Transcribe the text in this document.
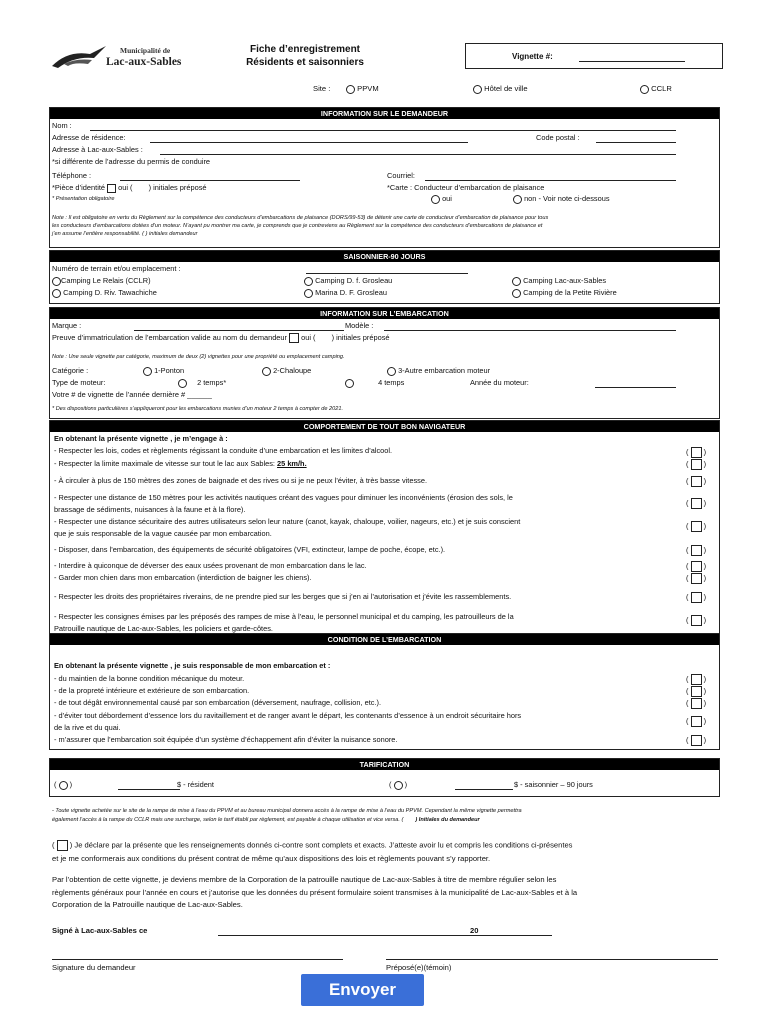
Municipalité de
Lac-aux-Sables
Fiche d’enregistrement
Résidents et saisonniers
Vignette #:
Site :	PPVM	Hôtel de ville	CCLR
INFORMATION SUR LE DEMANDEUR
Nom :
Adresse de résidence:	Code postal :
Adresse à Lac-aux-Sables :
*si différente de l’adresse du permis de conduire
Téléphone :	Courriel:
*Pièce d’identité oui ( ) initiales préposé	*Carte : Conducteur d’embarcation de plaisance
* Présentation obligatoire	oui	non - Voir note ci-dessous
Note : Il est obligatoire en vertu du Règlement sur la compétence des conducteurs d’embarcations de plaisance (DORS/99-53) de détenir une carte de conducteur d’embarcation de plaisance pour tous
les conducteurs d’embarcations dotées d’un moteur. N’ayant pu montrer ma carte, je comprends que je contreviens au Règlement sur la compétence des conducteurs d’embarcations de plaisance et
j’en assume l’entière responsabilité. ( ) initiales demandeur
SAISONNIER-90 JOURS
Numéro de terrain et/ou emplacement :
Camping Le Relais (CCLR)	Camping D. f. Grosleau	Camping Lac-aux-Sables
Camping D. Riv. Tawachiche	Marina D. F. Grosleau	Camping de la Petite Rivière
INFORMATION SUR L’EMBARCATION
Marque :	Modèle :
Preuve d’immatriculation de l’embarcation valide au nom du demandeur oui ( ) initiales préposé
Note : Une seule vignette par catégorie, maximum de deux (2) vignettes pour une propriété ou emplacement camping.
Catégorie :	1-Ponton	2-Chaloupe	3-Autre embarcation moteur
Type de moteur:	2 temps*	4 temps	Année du moteur:
Votre # de vignette de l’année dernière # ______
* Des dispositions particulières s’appliqueront pour les embarcations munies d’un moteur 2 temps à compter de 2021.
COMPORTEMENT DE TOUT BON NAVIGATEUR
En obtenant la présente vignette , je m’engage à :
- Respecter les lois, codes et règlements régissant la conduite d’une embarcation et les limites d’alcool.	(  )
- Respecter la limite maximale de vitesse sur tout le lac aux Sables: 25 km/h.	(  )
- À circuler à plus de 150 mètres des zones de baignade et des rives ou si je ne peux l’éviter, à très basse vitesse.	(  )
- Respecter une distance de 150 mètres pour les activités nautiques créant des vagues pour diminuer les inconvénients (érosion des sols, le
brassage de sédiments, nuisances à la faune et à la flore).
(  )
- Respecter une distance sécuritaire des autres utilisateurs selon leur nature (canot, kayak, chaloupe, voilier, nageurs, etc.) et je suis conscient
que je suis responsable de la vague causée par mon embarcation.
(  )
- Disposer, dans l’embarcation, des équipements de sécurité obligatoires (VFI, extincteur, lampe de poche, écope, etc.).	(  )
- Interdire à quiconque de déverser des eaux usées provenant de mon embarcation dans le lac.	(  )
- Garder mon chien dans mon embarcation (interdiction de baigner les chiens).	(  )
- Respecter les droits des propriétaires riverains, de ne prendre pied sur les berges que si j’en ai l’autorisation et j’évite les rassemblements.	(  )
- Respecter les consignes émises par les préposés des rampes de mise à l’eau, le personnel municipal et du camping, les patrouilleurs de la
Patrouille nautique de Lac-aux-Sables, les policiers et garde-côtes.
(  )
CONDITION DE L’EMBARCATION
En obtenant la présente vignette , je suis responsable de mon embarcation et :
- du maintien de la bonne condition mécanique du moteur.	(  )
- de la propreté intérieure et extérieure de son embarcation.	(  )
- de tout dégât environnemental causé par son embarcation (déversement, naufrage, collision, etc.).	(  )
- d’éviter tout débordement d’essence lors du ravitaillement et de ranger avant le départ, les contenants d’essence à un endroit sécuritaire hors
de la rive et du quai.
(  )
- m’assurer que l’embarcation soit équipée d’un système d’échappement afin d’éviter la nuisance sonore.	(  )
TARIFICATION
(  )	$ - résident	(  )	$ - saisonnier – 90 jours
- Toute vignette achetée sur le site de la rampe de mise à l’eau du PPVM et au bureau municipal donnera accès à la rampe de mise à l’eau du PPVM. Cependant la même vignette permettra
également l’accès à la rampe du CCLR mais une surcharge, selon le tarif établi par règlement, est payable à chaque utilisation et vice versa. ( ) Initiales du demandeur
(  ) Je déclare par la présente que les renseignements donnés ci-contre sont complets et exacts. J’atteste avoir lu et compris les conditions ci-présentes
et je me conformerais aux conditions du présent contrat de même qu’aux dispositions des lois et règlements pouvant s’y rapporter.
Par l’obtention de cette vignette, je deviens membre de la Corporation de la patrouille nautique de Lac-aux-Sables à titre de membre régulier selon les
règlements généraux pour l’année en cours et j’autorise que les données du présent formulaire soient transmises à la municipalité de Lac-aux-Sables et à la
Corporation de la Patrouille nautique de Lac-aux-Sables.
Signé à Lac-aux-Sables ce	20
Signature du demandeur	Préposé(e)(témoin)
Envoyer
